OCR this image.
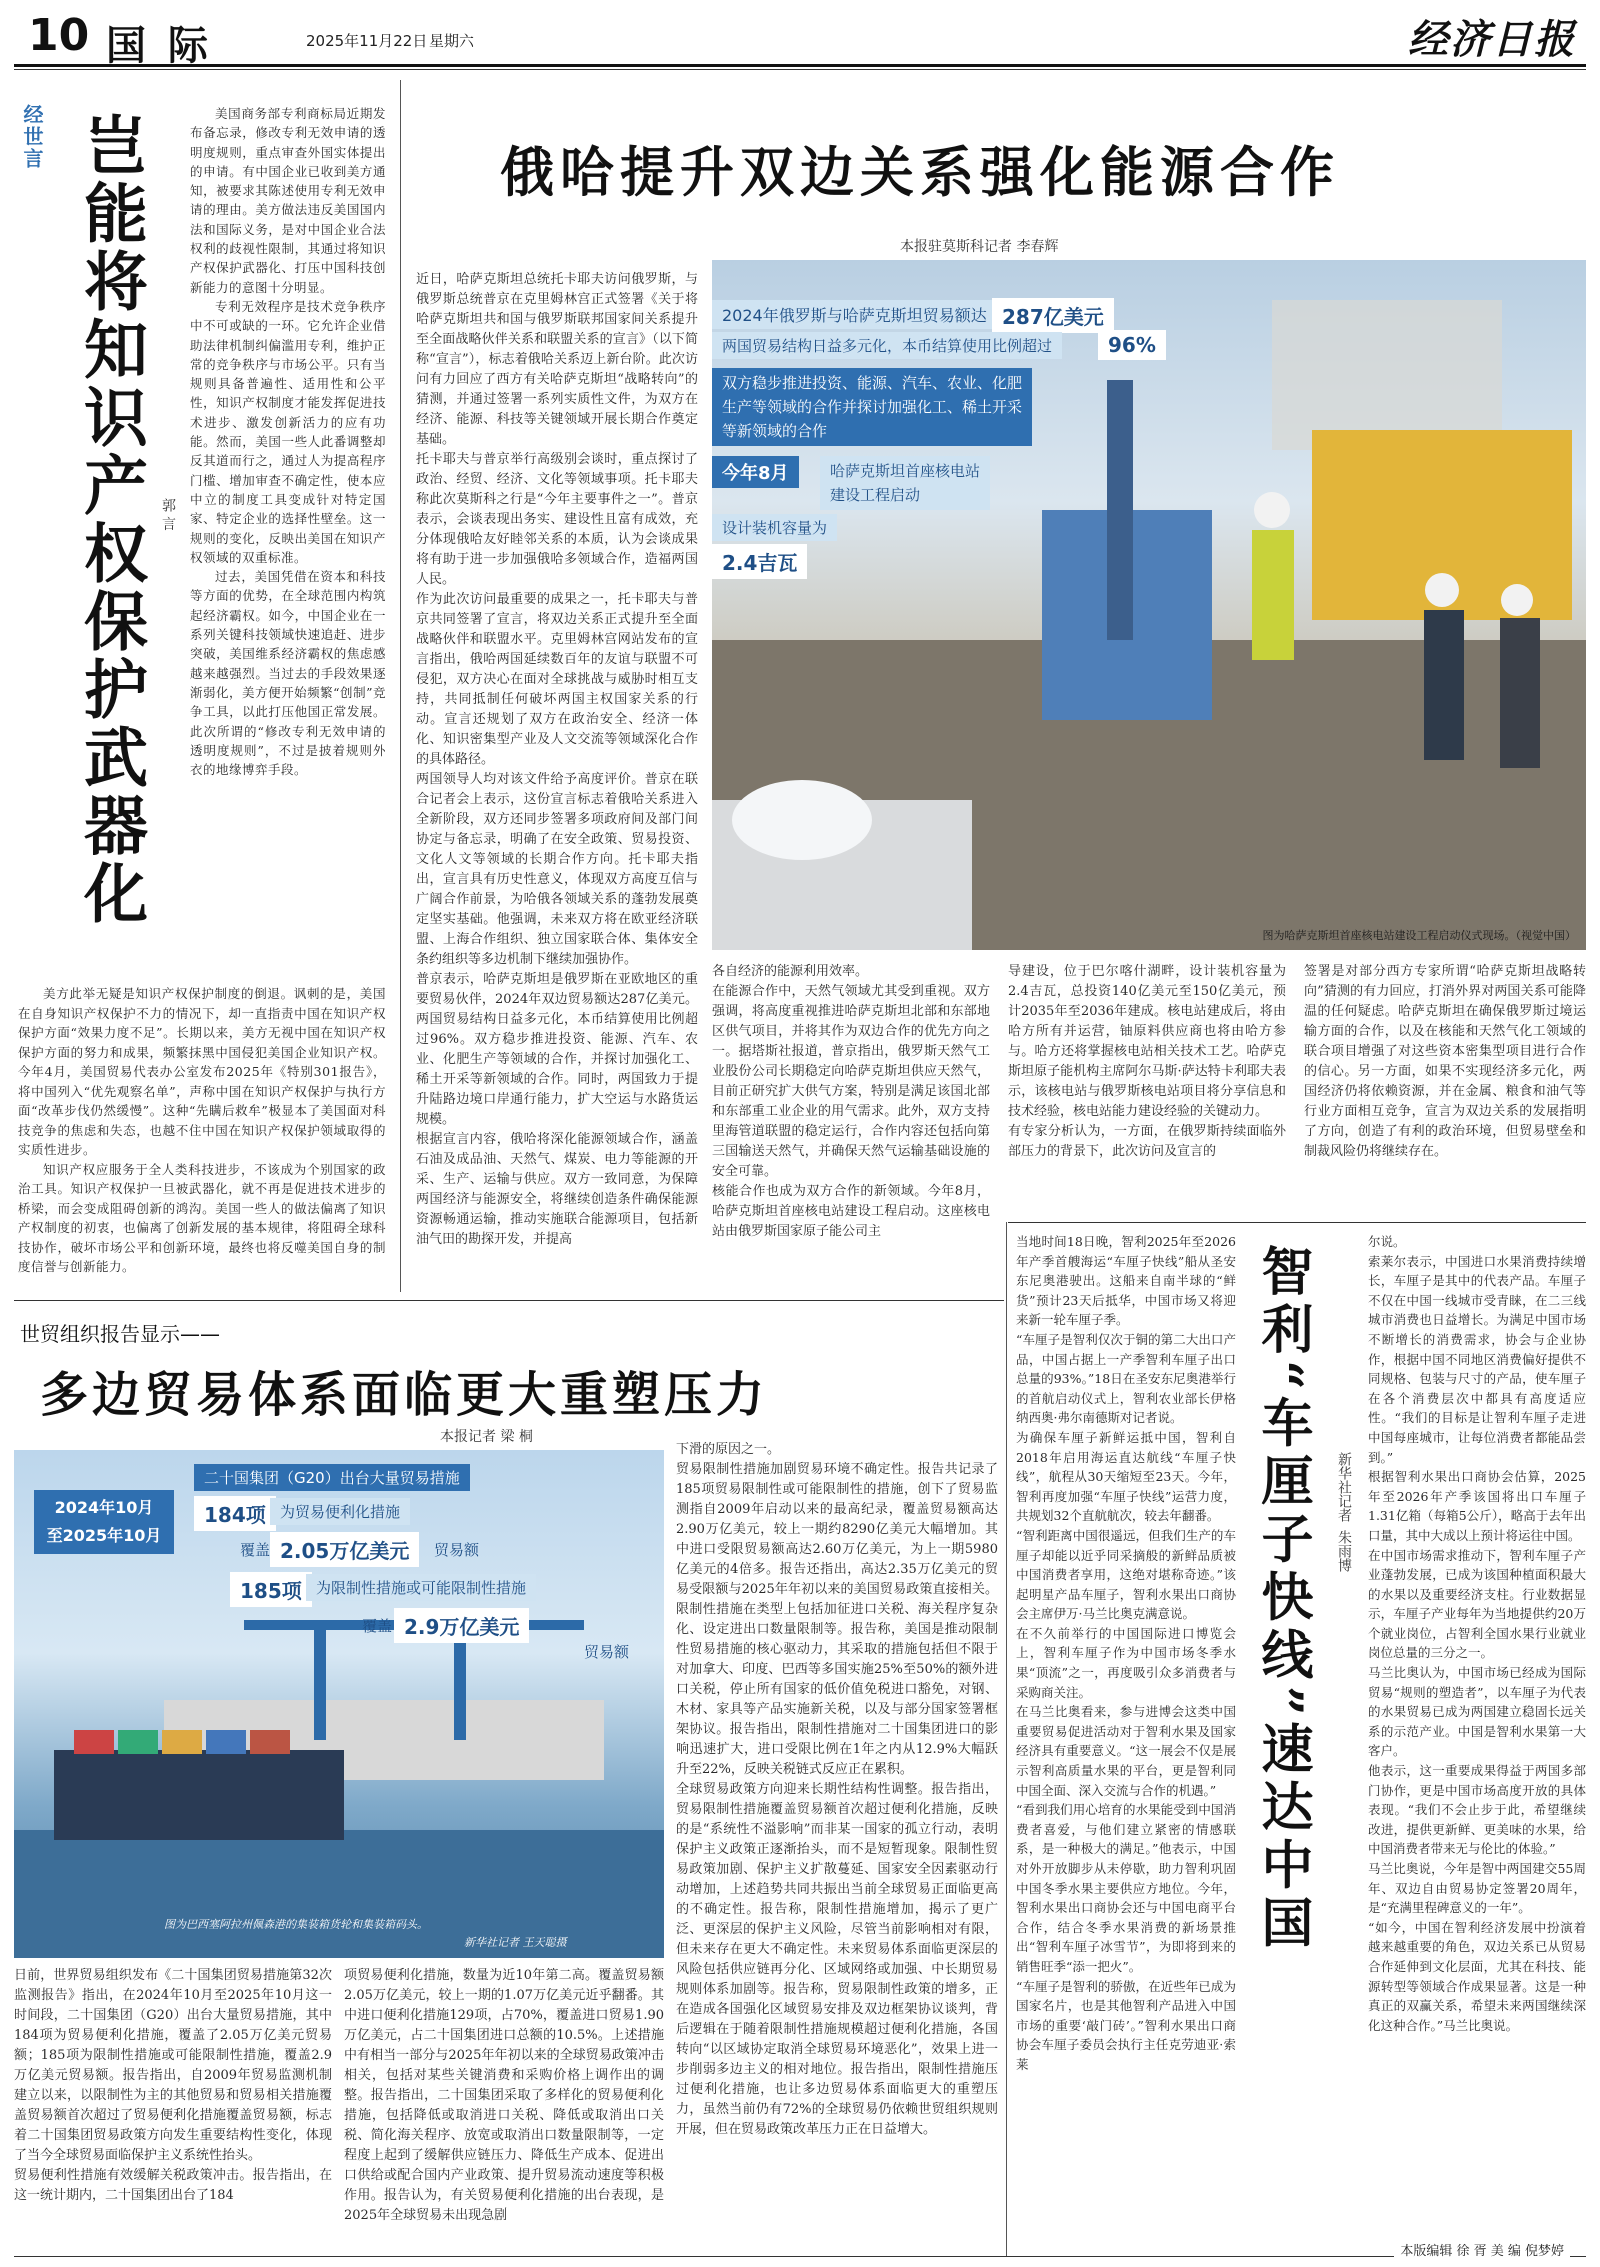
10 国 际	2025年11月22日 星期六	经济日报
经世言 岂能将知识产权保护武器化 郭 言

美国商务部专利商标局近期发布备忘录，修改专利无效申请的透明度规则，重点审查外国实体提出的申请。有中国企业已收到美方通知，被要求其陈述使用专利无效申请的理由。美方做法违反美国国内法和国际义务，是对中国企业合法权利的歧视性限制，其通过将知识产权保护武器化、打压中国科技创新能力的意图十分明显。

专利无效程序是技术竞争秩序中不可或缺的一环。它允许企业借助法律机制纠偏滥用专利，维护正常的竞争秩序与市场公平。只有当规则具备普遍性、适用性和公平性，知识产权制度才能发挥促进技术进步、激发创新活力的应有功能。然而，美国一些人此番调整却反其道而行之，通过人为提高程序门槛、增加审查不确定性，使本应中立的制度工具变成针对特定国家、特定企业的选择性壁垒。这一规则的变化，反映出美国在知识产权领域的双重标准。

过去，美国凭借在资本和科技等方面的优势，在全球范围内构筑起经济霸权。如今，中国企业在一系列关键科技领域快速追赶、进步突破，美国维系经济霸权的焦虑感越来越强烈。当过去的手段效果逐渐弱化，美方便开始频繁“创制”竞争工具，以此打压他国正常发展。此次所谓的“修改专利无效申请的透明度规则”，不过是披着规则外衣的地缘博弈手段。

美方此举无疑是知识产权保护制度的倒退。讽刺的是，美国在自身知识产权保护不力的情况下，却一直指责中国在知识产权保护方面“效果力度不足”。长期以来，美方无视中国在知识产权保护方面的努力和成果，频繁抹黑中国侵犯美国企业知识产权。今年4月，美国贸易代表办公室发布2025年《特别301报告》，将中国列入“优先观察名单”，声称中国在知识产权保护与执行方面“改革步伐仍然缓慢”。这种“先瞒后救牟”极显本了美国面对科技竞争的焦虑和失态，也越不住中国在知识产权保护领域取得的实质性进步。

知识产权应服务于全人类科技进步，不该成为个别国家的政治工具。知识产权保护一旦被武器化，就不再是促进技术进步的桥梁，而会变成阻碍创新的鸿沟。美国一些人的做法偏离了知识产权制度的初衷，也偏离了创新发展的基本规律，将阻碍全球科技协作，破坏市场公平和创新环境，最终也将反噬美国自身的制度信誉与创新能力。

俄哈提升双边关系强化能源合作
本报驻莫斯科记者 李春辉
2024年俄罗斯与哈萨克斯坦贸易额达 287亿美元
两国贸易结构日益多元化，本币结算使用比例超过	96%
双方稳步推进投资、能源、汽车、农业、化肥生产等领域的合作并探讨加强化工、稀土开采等新领域的合作
今年8月	哈萨克斯坦首座核电站建设工程启动
设计装机容量为
2.4吉瓦
图为哈萨克斯坦首座核电站建设工程启动仪式现场。（视觉中国）
近日，哈萨克斯坦总统托卡耶夫访问俄罗斯，与俄罗斯总统普京在克里姆林宫正式签署《关于将哈萨克斯坦共和国与俄罗斯联邦国家间关系提升至全面战略伙伴关系和联盟关系的宣言》（以下简称“宣言”），标志着俄哈关系迈上新台阶。此次访问有力回应了西方有关哈萨克斯坦“战略转向”的猜测，并通过签署一系列实质性文件，为双方在经济、能源、科技等关键领域开展长期合作奠定基础。
托卡耶夫与普京举行高级别会谈时，重点探讨了政治、经贸、经济、文化等领域事项。托卡耶夫称此次莫斯科之行是“今年主要事件之一”。普京表示，会谈表现出务实、建设性且富有成效，充分体现俄哈友好睦邻关系的本质，认为会谈成果将有助于进一步加强俄哈多领域合作，造福两国人民。
作为此次访问最重要的成果之一，托卡耶夫与普京共同签署了宣言，将双边关系正式提升至全面战略伙伴和联盟水平。克里姆林宫网站发布的宣言指出，俄哈两国延续数百年的友谊与联盟不可侵犯，双方决心在面对全球挑战与威胁时相互支持，共同抵制任何破坏两国主权国家关系的行动。宣言还规划了双方在政治安全、经济一体化、知识密集型产业及人文交流等领域深化合作的具体路径。
两国领导人均对该文件给予高度评价。普京在联合记者会上表示，这份宣言标志着俄哈关系进入全新阶段，双方还同步签署多项政府间及部门间协定与备忘录，明确了在安全政策、贸易投资、文化人文等领域的长期合作方向。托卡耶夫指出，宣言具有历史性意义，体现双方高度互信与广阔合作前景，为哈俄各领域关系的蓬勃发展奠定坚实基础。他强调，未来双方将在欧亚经济联盟、上海合作组织、独立国家联合体、集体安全条约组织等多边机制下继续加强协作。
普京表示，哈萨克斯坦是俄罗斯在亚欧地区的重要贸易伙伴，2024年双边贸易额达287亿美元。两国贸易结构日益多元化，本币结算使用比例超过96%。双方稳步推进投资、能源、汽车、农业、化肥生产等领域的合作，并探讨加强化工、稀土开采等新领域的合作。同时，两国致力于提升陆路边境口岸通行能力，扩大空运与水路货运规模。
根据宣言内容，俄哈将深化能源领域合作，涵盖石油及成品油、天然气、煤炭、电力等能源的开采、生产、运输与供应。双方一致同意，为保障两国经济与能源安全，将继续创造条件确保能源资源畅通运输，推动实施联合能源项目，包括新油气田的勘探开发，并提高
各自经济的能源利用效率。
在能源合作中，天然气领域尤其受到重视。双方强调，将高度重视推进哈萨克斯坦北部和东部地区供气项目，并将其作为双边合作的优先方向之一。据塔斯社报道，普京指出，俄罗斯天然气工业股份公司长期稳定向哈萨克斯坦供应天然气，目前正研究扩大供气方案，特别是满足该国北部和东部重工业企业的用气需求。此外，双方支持里海管道联盟的稳定运行，合作内容还包括向第三国输送天然气，并确保天然气运输基础设施的安全可靠。
核能合作也成为双方合作的新领域。今年8月，哈萨克斯坦首座核电站建设工程启动。这座核电站由俄罗斯国家原子能公司主
导建设，位于巴尔喀什湖畔，设计装机容量为2.4吉瓦，总投资140亿美元至150亿美元，预计2035年至2036年建成。核电站建成后，将由哈方所有并运营，铀原料供应商也将由哈方参与。哈方还将掌握核电站相关技术工艺。哈萨克斯坦原子能机构主席阿尔马斯·萨达特卡利耶夫表示，该核电站与俄罗斯核电站项目将分享信息和技术经验，核电站能力建设经验的关键动力。
有专家分析认为，一方面，在俄罗斯持续面临外部压力的背景下，此次访问及宣言的
签署是对部分西方专家所谓“哈萨克斯坦战略转向”猜测的有力回应，打消外界对两国关系可能降温的任何疑虑。哈萨克斯坦在确保俄罗斯过境运输方面的合作，以及在核能和天然气化工领域的联合项目增强了对这些资本密集型项目进行合作的信心。另一方面，如果不实现经济多元化，两国经济仍将依赖资源，并在金属、粮食和油气等行业方面相互竞争，宣言为双边关系的发展指明了方向，创造了有利的政治环境，但贸易壁垒和制裁风险仍将继续存在。
世贸组织报告显示——
多边贸易体系面临更大重塑压力
本报记者 梁 桐
2024年10月
至2025年10月
二十国集团（G20）出台大量贸易措施
184项 为贸易便利化措施
覆盖 2.05万亿美元	贸易额
185项 为限制性措施或可能限制性措施
覆盖 2.9万亿美元
贸易额
图为巴西塞阿拉州佩森港的集装箱货轮和集装箱码头。
新华社记者 王天聪摄
日前，世界贸易组织发布《二十国集团贸易措施第32次监测报告》指出，在2024年10月至2025年10月这一时间段，二十国集团（G20）出台大量贸易措施，其中184项为贸易便利化措施，覆盖了2.05万亿美元贸易额；185项为限制性措施或可能限制性措施，覆盖2.9万亿美元贸易额。报告指出，自2009年贸易监测机制建立以来，以限制性为主的其他贸易和贸易相关措施覆盖贸易额首次超过了贸易便利化措施覆盖贸易额，标志着二十国集团贸易政策方向发生重要结构性变化，体现了当今全球贸易面临保护主义系统性抬头。
贸易便利性措施有效缓解关税政策冲击。报告指出，在这一统计期内，二十国集团出台了184
项贸易便利化措施，数量为近10年第二高。覆盖贸易额2.05万亿美元，较上一期的1.07万亿美元近乎翻番。其中进口便利化措施129项，占70%，覆盖进口贸易1.90万亿美元，占二十国集团进口总额的10.5%。上述措施中有相当一部分与2025年年初以来的全球贸易政策冲击相关，包括对某些关键消费和采购价格上调作出的调整。报告指出，二十国集团采取了多样化的贸易便利化措施，包括降低或取消进口关税、降低或取消出口关税、简化海关程序、放宽或取消出口数量限制等，一定程度上起到了缓解供应链压力、降低生产成本、促进出口供给或配合国内产业政策、提升贸易流动速度等积极作用。报告认为，有关贸易便利化措施的出台表现，是2025年全球贸易未出现急剧
下滑的原因之一。
贸易限制性措施加剧贸易环境不确定性。报告共记录了185项贸易限制性或可能限制性的措施，创下了贸易监测指自2009年启动以来的最高纪录，覆盖贸易额高达2.90万亿美元，较上一期约8290亿美元大幅增加。其中进口受限贸易额高达2.60万亿美元，为上一期5980亿美元的4倍多。报告还指出，高达2.35万亿美元的贸易受限额与2025年年初以来的美国贸易政策直接相关。限制性措施在类型上包括加征进口关税、海关程序复杂化、设定进出口数量限制等。报告称，美国是推动限制性贸易措施的核心驱动力，其采取的措施包括但不限于对加拿大、印度、巴西等多国实施25%至50%的额外进口关税，停止所有国家的低价值免税进口豁免，对钢、木材、家具等产品实施新关税，以及与部分国家签署框架协议。报告指出，限制性措施对二十国集团进口的影响迅速扩大，进口受限比例在1年之内从12.9%大幅跃升至22%，反映关税链式反应正在累积。
全球贸易政策方向迎来长期性结构性调整。报告指出，贸易限制性措施覆盖贸易额首次超过便利化措施，反映的是“系统性不溢影响”而非某一国家的孤立行动，表明保护主义政策正逐渐抬头，而不是短暂现象。限制性贸易政策加剧、保护主义扩散蔓延、国家安全因素驱动行动增加，上述趋势共同共振出当前全球贸易正面临更高的不确定性。报告称，限制性措施增加，揭示了更广泛、更深层的保护主义风险，尽管当前影响相对有限，但未来存在更大不确定性。未来贸易体系面临更深层的风险包括供应链再分化、区域网络或加强、中长期贸易规则体系加剧等。报告称，贸易限制性政策的增多，正在造成各国强化区域贸易安排及双边框架协议谈判，背后逻辑在于随着限制性措施规模超过便利化措施，各国转向“以区域协定取消全球贸易环境恶化”，效果上进一步削弱多边主义的相对地位。报告指出，限制性措施压过便利化措施，也让多边贸易体系面临更大的重塑压力，虽然当前仍有72%的全球贸易仍依赖世贸组织规则开展，但在贸易政策改革压力正在日益增大。
智利“车厘子快线”速达中国 新华社记者
朱雨博
当地时间18日晚，智利2025年至2026年产季首艘海运“车厘子快线”船从圣安东尼奥港驶出。这船来自南半球的“鲜货”预计23天后抵华，中国市场又将迎来新一轮车厘子季。
“车厘子是智利仅次于铜的第二大出口产品，中国占据上一产季智利车厘子出口总量的93%。”18日在圣安东尼奥港举行的首航启动仪式上，智利农业部长伊格纳西奥·弗尔南德斯对记者说。
为确保车厘子新鲜运抵中国，智利自2018年启用海运直达航线“车厘子快线”，航程从30天缩短至23天。今年，智利再度加强“车厘子快线”运营力度，共规划32个直航航次，较去年翻番。
“智利距离中国很遥远，但我们生产的车厘子却能以近乎同采摘般的新鲜品质被中国消费者享用，这绝对堪称奇迹。”该起明星产品车厘子，智利水果出口商协会主席伊万·马兰比奥克满意说。
在不久前举行的中国国际进口博览会上，智利车厘子作为中国市场冬季水果“顶流”之一，再度吸引众多消费者与采购商关注。
在马兰比奥看来，参与进博会这类中国重要贸易促进活动对于智利水果及国家经济具有重要意义。“这一展会不仅是展示智利高质量水果的平台，更是智利同中国全面、深入交流与合作的机遇。”
“看到我们用心培育的水果能受到中国消费者喜爱，与他们建立紧密的情感联系，是一种极大的满足。”他表示，中国对外开放脚步从未停歇，助力智利巩固中国冬季水果主要供应方地位。今年，智利水果出口商协会还与中国电商平台合作，结合冬季水果消费的新场景推出“智利车厘子冰雪节”，为即将到来的销售旺季“添一把火”。
“车厘子是智利的骄傲，在近些年已成为国家名片，也是其他智利产品进入中国市场的重要‘敲门砖’。”智利水果出口商协会车厘子委员会执行主任克劳迪亚·索莱
尔说。
索莱尔表示，中国进口水果消费持续增长，车厘子是其中的代表产品。车厘子不仅在中国一线城市受青睐，在二三线城市消费也日益增长。为满足中国市场不断增长的消费需求，协会与企业协作，根据中国不同地区消费偏好提供不同规格、包装与尺寸的产品，使车厘子在各个消费层次中都具有高度适应性。“我们的目标是让智利车厘子走进中国每座城市，让每位消费者都能品尝到。”
根据智利水果出口商协会估算，2025年至2026年产季该国将出口车厘子1.31亿箱（每箱5公斤），略高于去年出口量，其中大成以上预计将运往中国。
在中国市场需求推动下，智利车厘子产业蓬勃发展，已成为该国种植面积最大的水果以及重要经济支柱。行业数据显示，车厘子产业每年为当地提供约20万个就业岗位，占智利全国水果行业就业岗位总量的三分之一。
马兰比奥认为，中国市场已经成为国际贸易“规则的塑造者”，以车厘子为代表的水果贸易已成为两国建立稳固长远关系的示范产业。中国是智利水果第一大客户。
他表示，这一重要成果得益于两国多部门协作，更是中国市场高度开放的具体表现。“我们不会止步于此，希望继续改进，提供更新鲜、更美味的水果，给中国消费者带来无与伦比的体验。”
马兰比奥说，今年是智中两国建交55周年、双边自由贸易协定签署20周年，是“充满里程碑意义的一年”。
“如今，中国在智利经济发展中扮演着越来越重要的角色，双边关系已从贸易合作延伸到文化层面，尤其在科技、能源转型等领域合作成果显著。这是一种真正的双赢关系，希望未来两国继续深化这种合作。”马兰比奥说。
本版编辑 徐 胥 美 编 倪梦婷
